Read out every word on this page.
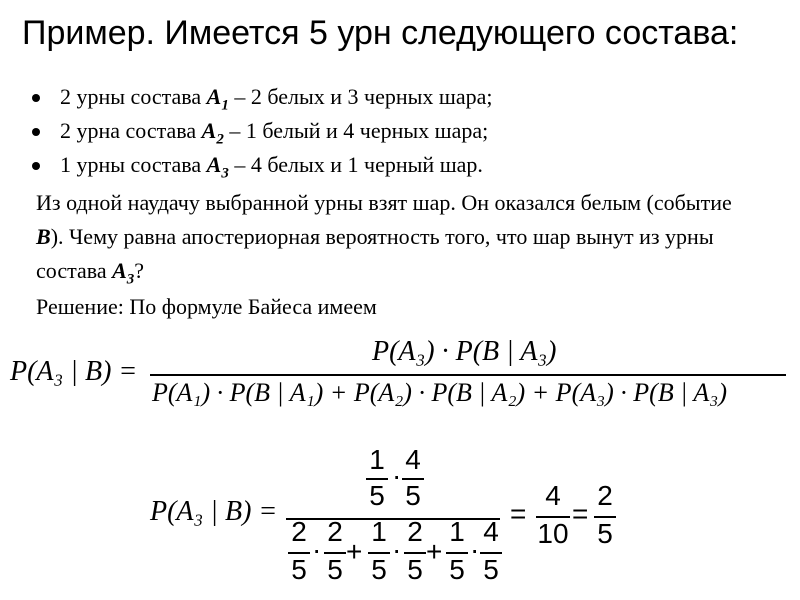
Пример. Имеется 5 урн следующего состава:
2 урны состава $A_1 - 2$ белых и 3 черных шара;
2 урна состава $A_2 - 1$ белый и 4 черных шара;
1 урны состава $A_3 - 4$ белых и 1 черный шар.
Из одной наудачу выбранной урны взят шар. Он оказался белым (событие B). Чему равна апостериорная вероятность того, что шар вынут из урны состава $A_3$?
Решение: По формуле Байеса имеем
P(A₃ | B) =
P(A₃) · P(B | A₃)
P(A₁) · P(B | A₁) + P(A₂) · P(B | A₂) + P(A₃) · P(B | A₃)
P(A₃ | B) =
1
5
·
4
5
2
5
·
2
5
+
1
5
·
2
5
+
1
5
·
4
5
=
4
10
=
2
5
